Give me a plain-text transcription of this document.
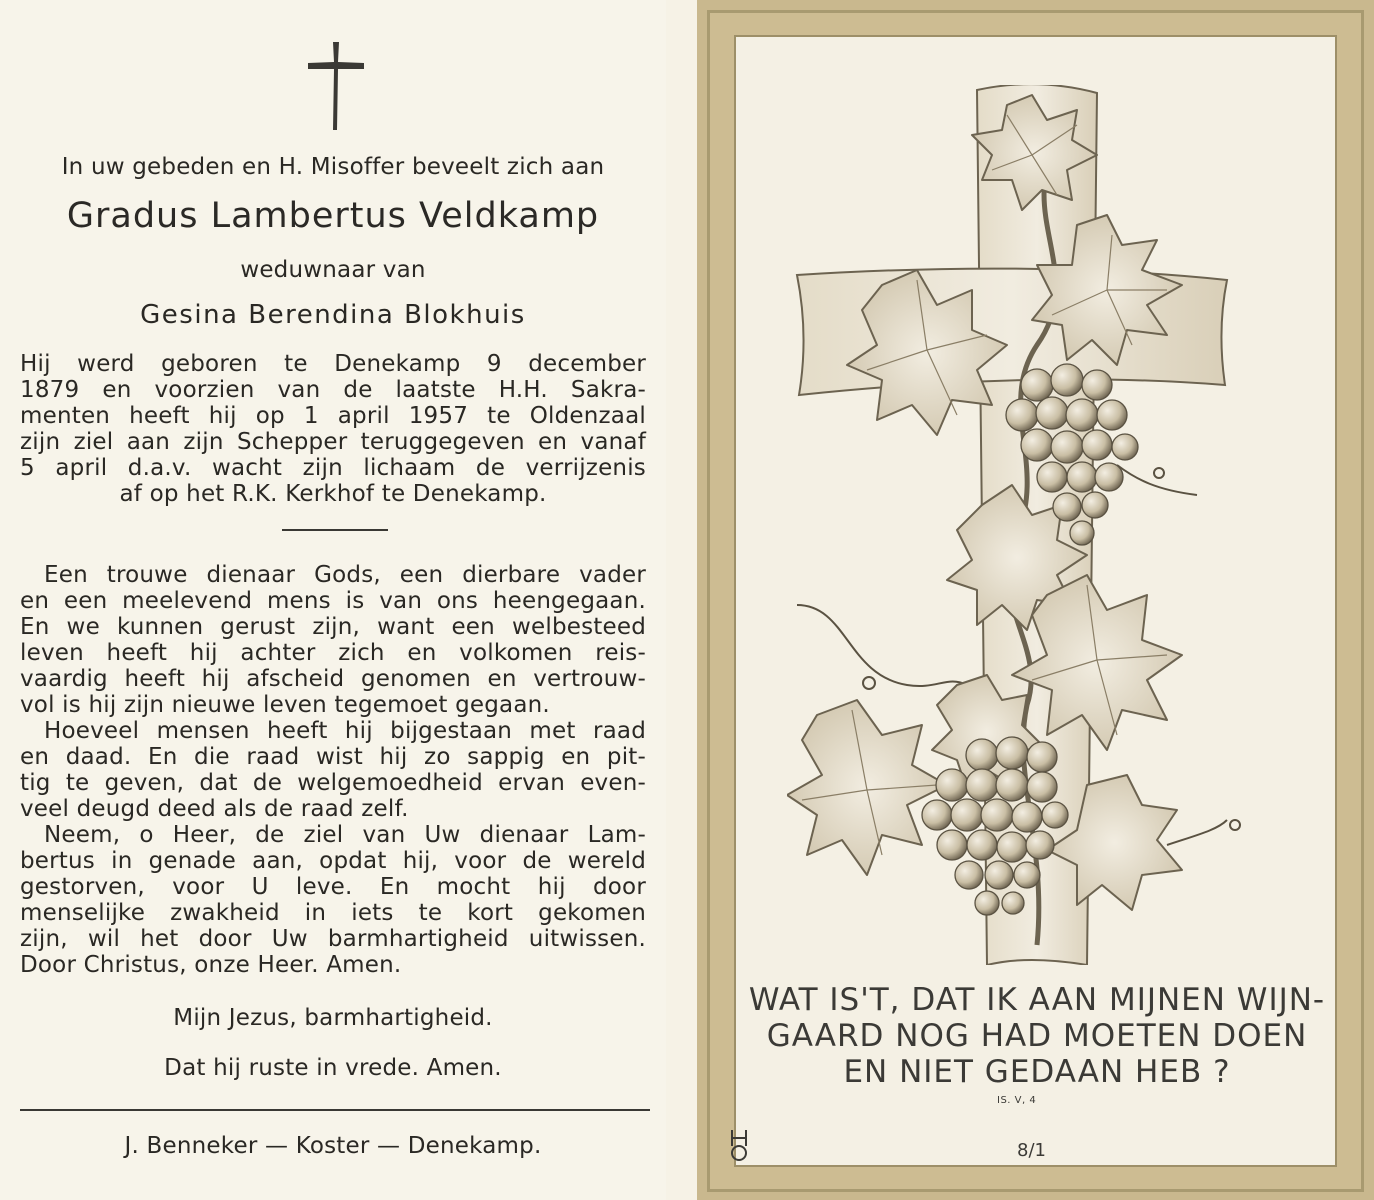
In uw gebeden en H. Misoffer beveelt zich aan
Gradus Lambertus Veldkamp
weduwnaar van
Gesina Berendina Blokhuis
Hij werd geboren te Denekamp 9 december
1879 en voorzien van de laatste H.H. Sakra-
menten heeft hij op 1 april 1957 te Oldenzaal
zijn ziel aan zijn Schepper teruggegeven en vanaf
5 april d.a.v. wacht zijn lichaam de verrijzenis
af op het R.K. Kerkhof te Denekamp.
Een trouwe dienaar Gods, een dierbare vader
en een meelevend mens is van ons heengegaan.
En we kunnen gerust zijn, want een welbesteed
leven heeft hij achter zich en volkomen reis-
vaardig heeft hij afscheid genomen en vertrouw-
vol is hij zijn nieuwe leven tegemoet gegaan.
Hoeveel mensen heeft hij bijgestaan met raad
en daad. En die raad wist hij zo sappig en pit-
tig te geven, dat de welgemoedheid ervan even-
veel deugd deed als de raad zelf.
Neem, o Heer, de ziel van Uw dienaar Lam-
bertus in genade aan, opdat hij, voor de wereld
gestorven, voor U leve. En mocht hij door
menselijke zwakheid in iets te kort gekomen
zijn, wil het door Uw barmhartigheid uitwissen.
Door Christus, onze Heer. Amen.
Mijn Jezus, barmhartigheid.
Dat hij ruste in vrede. Amen.
J. Benneker — Koster — Denekamp.
WAT IS'T, DAT IK AAN MIJNEN WIJN-
GAARD NOG HAD MOETEN DOEN
EN NIET GEDAAN HEB ?
IS. V, 4
8/1
